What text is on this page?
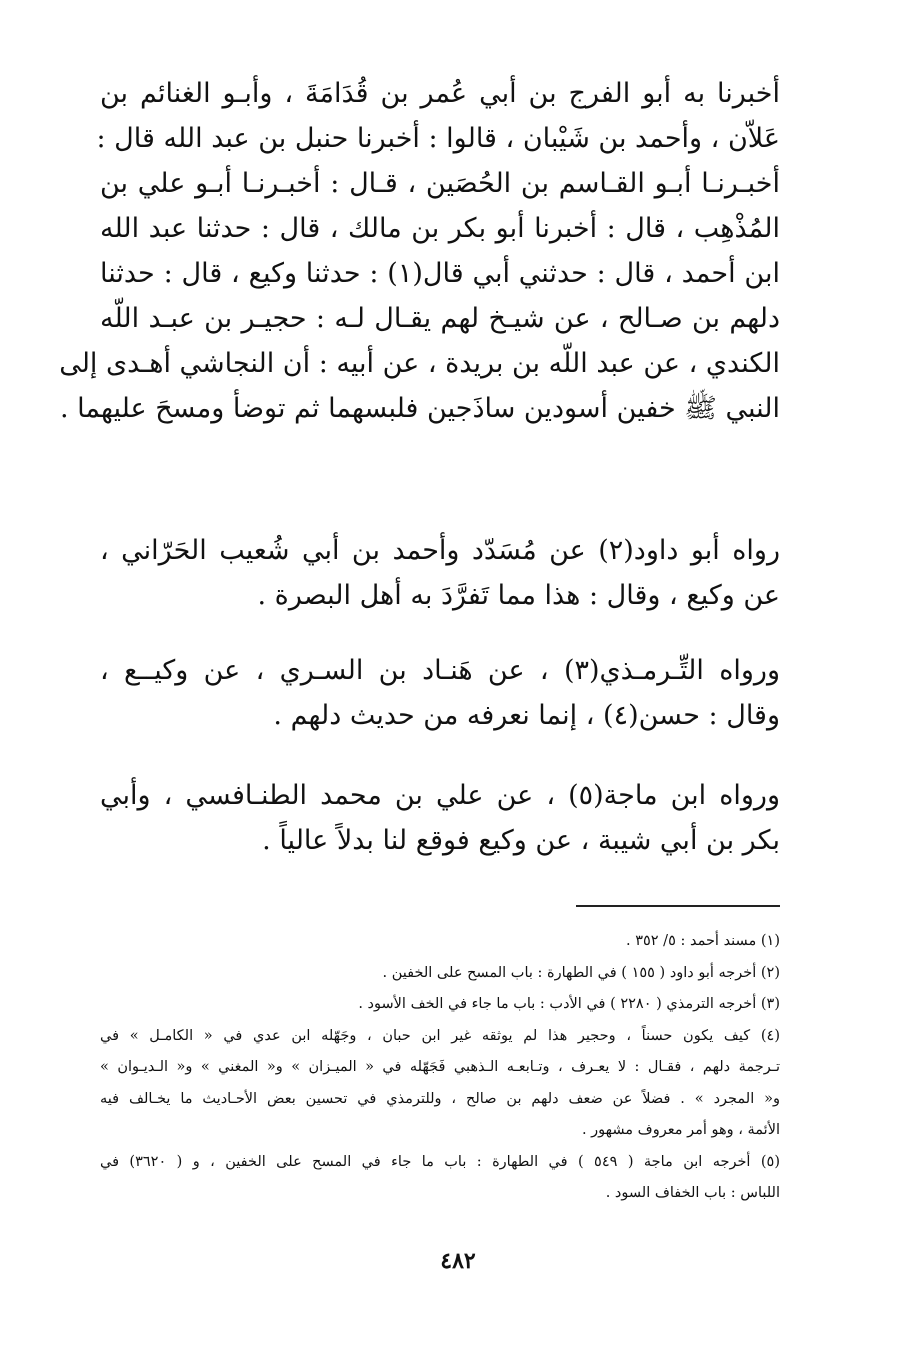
أخبرنا به أبو الفرج بن أبي عُمر بن قُدَامَةَ ، وأبـو الغنائم بن
عَلاّن ، وأحمد بن شَيْبان ، قالوا : أخبرنا حنبل بن عبد الله قال :
أخبـرنـا أبـو القـاسم بن الحُصَين ، قـال : أخبـرنـا أبـو علي بن
المُذْهِب ، قال : أخبرنا أبو بكر بن مالك ، قال : حدثنا عبد الله
ابن أحمد ، قال : حدثني أبي قال(١) : حدثنا وكيع ، قال : حدثنا
دلهم بن صـالح ، عن شيـخ لهم يقـال لـه : حجيـر بن عبـد اللّه
الكندي ، عن عبد اللّه بن بريدة ، عن أبيه : أن النجاشي أهـدى إلى
النبي ﷺ خفين أسودين ساذَجين فلبسهما ثم توضأ ومسحَ عليهما .
رواه أبو داود(٢) عن مُسَدّد وأحمد بن أبي شُعيب الحَرّاني ،
عن وكيع ، وقال : هذا مما تَفرَّدَ به أهل البصرة .
ورواه التِّـرمـذي(٣) ، عن هَنـاد بن السـري ، عن وكيــع ،
وقال : حسن(٤) ، إنما نعرفه من حديث دلهم .
ورواه ابن ماجة(٥) ، عن علي بن محمد الطنـافسي ، وأبي
بكر بن أبي شيبة ، عن وكيع فوقع لنا بدلاً عالياً .
(١) مسند أحمد : ٥/ ٣٥٢ .
(٢) أخرجه أبو داود ( ١٥٥ ) في الطهارة : باب المسح على الخفين .
(٣) أخرجه الترمذي ( ٢٢٨٠ ) في الأدب : باب ما جاء في الخف الأسود .
(٤) كيف يكون حسناً ، وحجير هذا لم يوثقه غير ابن حبان ، وجَهّله ابن عدي في « الكامـل » في
تـرجمة دلهم ، فقـال : لا يعـرف ، وتـابعـه الـذهبي فَجَهّله في « الميـزان » و« المغني » و« الـديـوان »
و« المجرد » . فضلاً عن ضعف دلهم بن صالح ، وللترمذي في تحسين بعض الأحـاديث ما يخـالف فيه
الأئمة ، وهو أمر معروف مشهور .
(٥) أخرجه ابن ماجة ( ٥٤٩ ) في الطهارة : باب ما جاء في المسح على الخفين ، و ( ٣٦٢٠) في
اللباس : باب الخفاف السود .
٤٨٢
